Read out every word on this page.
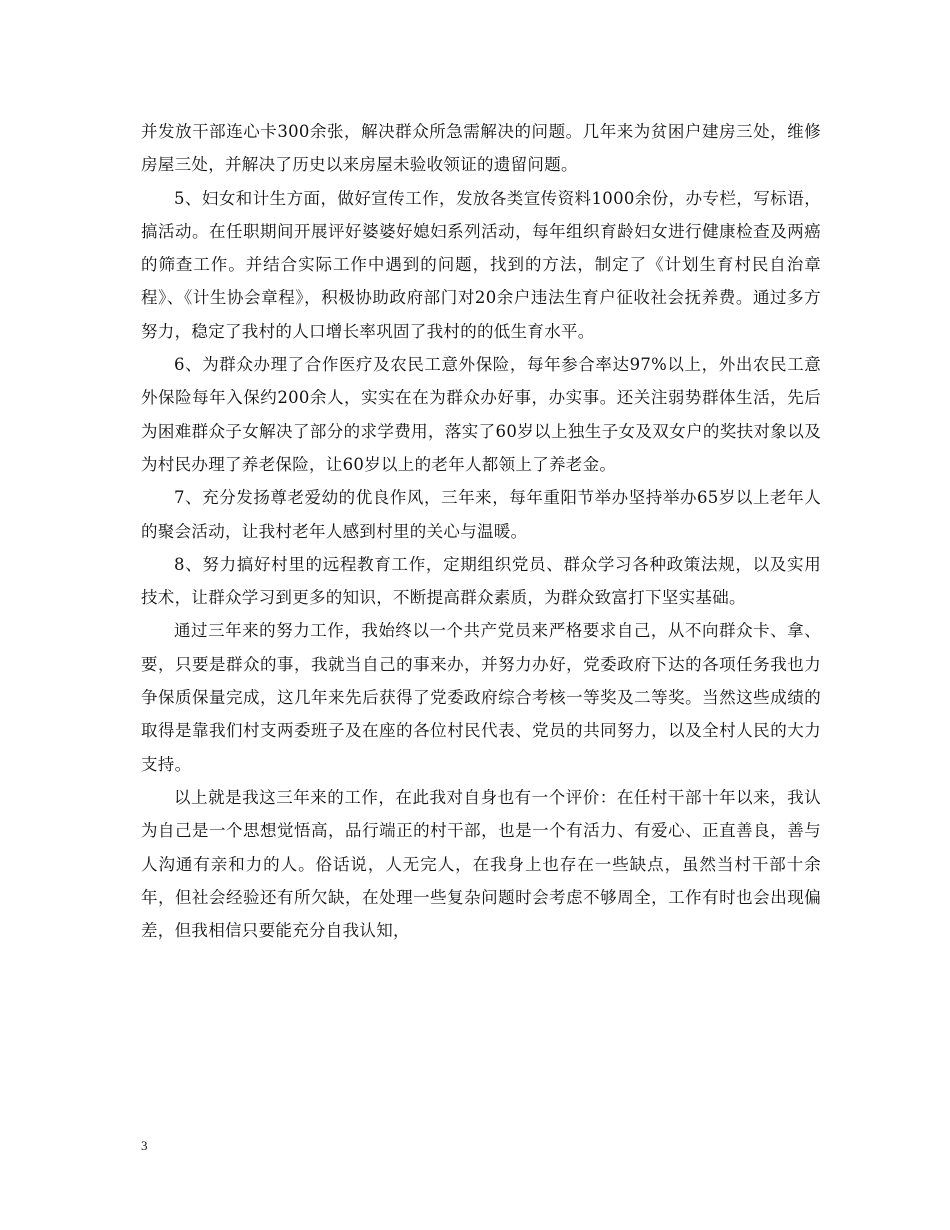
并发放干部连心卡300余张，解决群众所急需解决的问题。几年来为贫困户建房三处，维修房屋三处，并解决了历史以来房屋未验收领证的遗留问题。

5、妇女和计生方面，做好宣传工作，发放各类宣传资料1000余份，办专栏，写标语，搞活动。在任职期间开展评好婆婆好媳妇系列活动，每年组织育龄妇女进行健康检查及两癌的筛查工作。并结合实际工作中遇到的问题，找到的方法，制定了《计划生育村民自治章程》、《计生协会章程》，积极协助政府部门对20余户违法生育户征收社会抚养费。通过多方努力，稳定了我村的人口增长率巩固了我村的的低生育水平。

6、为群众办理了合作医疗及农民工意外保险，每年参合率达97%以上，外出农民工意外保险每年入保约200余人，实实在在为群众办好事，办实事。还关注弱势群体生活，先后为困难群众子女解决了部分的求学费用，落实了60岁以上独生子女及双女户的奖扶对象以及为村民办理了养老保险，让60岁以上的老年人都领上了养老金。

7、充分发扬尊老爱幼的优良作风，三年来，每年重阳节举办坚持举办65岁以上老年人的聚会活动，让我村老年人感到村里的关心与温暖。

8、努力搞好村里的远程教育工作，定期组织党员、群众学习各种政策法规，以及实用技术，让群众学习到更多的知识，不断提高群众素质，为群众致富打下坚实基础。

通过三年来的努力工作，我始终以一个共产党员来严格要求自己，从不向群众卡、拿、要，只要是群众的事，我就当自己的事来办，并努力办好，党委政府下达的各项任务我也力争保质保量完成，这几年来先后获得了党委政府综合考核一等奖及二等奖。当然这些成绩的取得是靠我们村支两委班子及在座的各位村民代表、党员的共同努力，以及全村人民的大力支持。

以上就是我这三年来的工作，在此我对自身也有一个评价：在任村干部十年以来，我认为自己是一个思想觉悟高，品行端正的村干部，也是一个有活力、有爱心、正直善良，善与人沟通有亲和力的人。俗话说，人无完人，在我身上也存在一些缺点，虽然当村干部十余年，但社会经验还有所欠缺，在处理一些复杂问题时会考虑不够周全，工作有时也会出现偏差，但我相信只要能充分自我认知，

3
